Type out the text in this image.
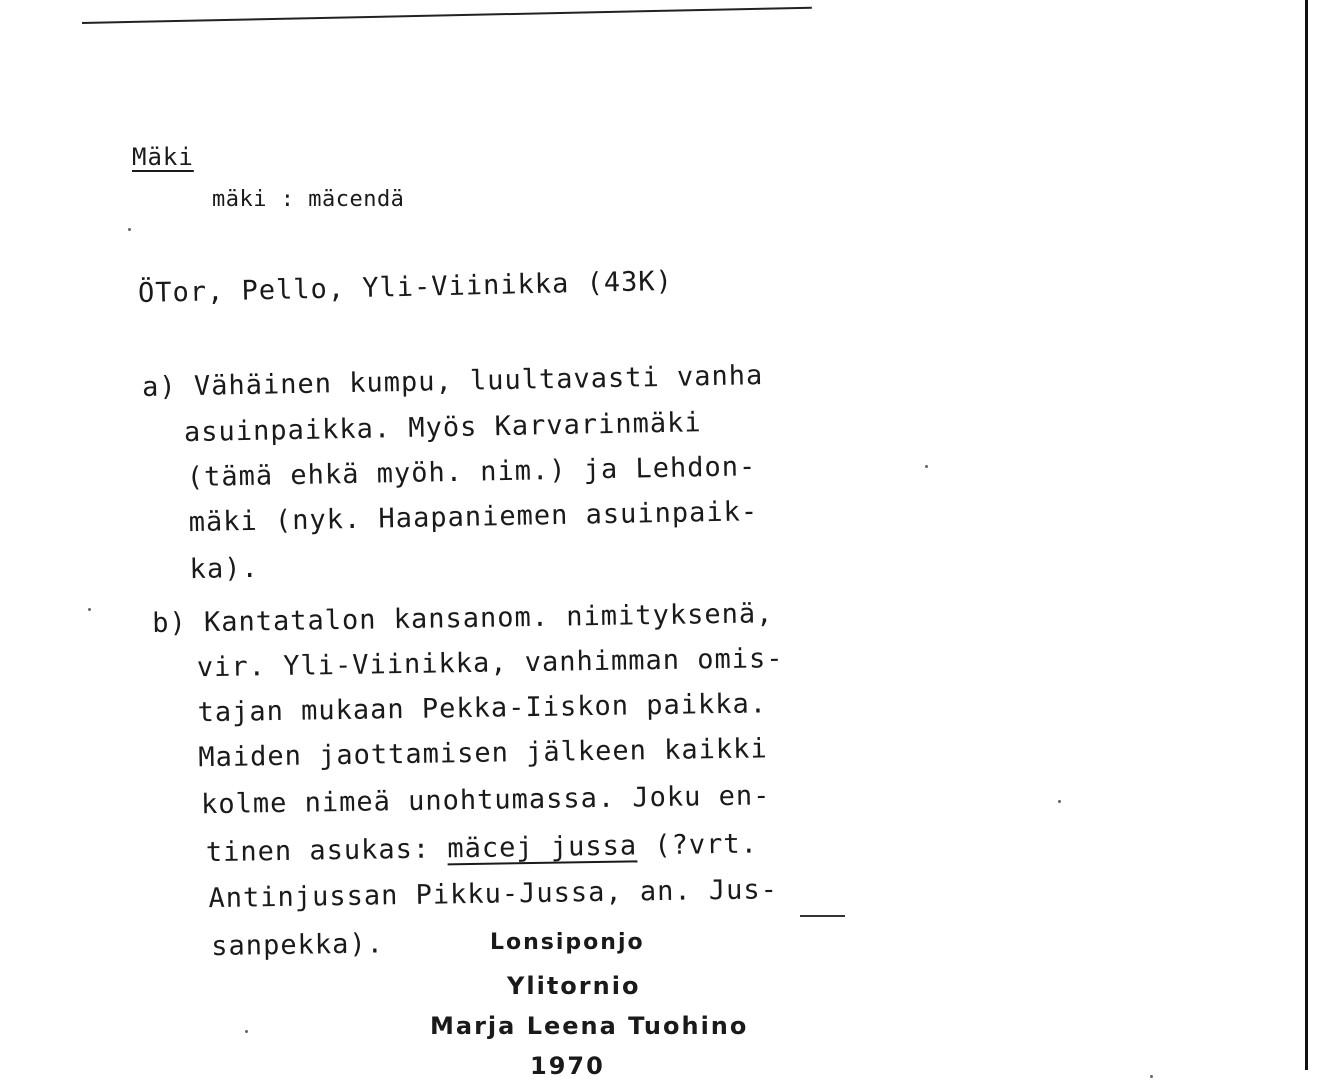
Mäki
mäki : mäcendä
ÖTor, Pello, Yli-Viinikka (43K)
a) Vähäinen kumpu, luultavasti vanha
asuinpaikka. Myös Karvarinmäki
(tämä ehkä myöh. nim.) ja Lehdon-
mäki (nyk. Haapaniemen asuinpaik-
ka).
b) Kantatalon kansanom. nimityksenä,
vir. Yli-Viinikka, vanhimman omis-
tajan mukaan Pekka-Iiskon paikka.
Maiden jaottamisen jälkeen kaikki
kolme nimeä unohtumassa. Joku en-
tinen asukas: mäcej jussa (?vrt.
Antinjussan Pikku-Jussa, an. Jus-
sanpekka).	Lonsiponjo
Ylitornio
Marja Leena Tuohino
1970
